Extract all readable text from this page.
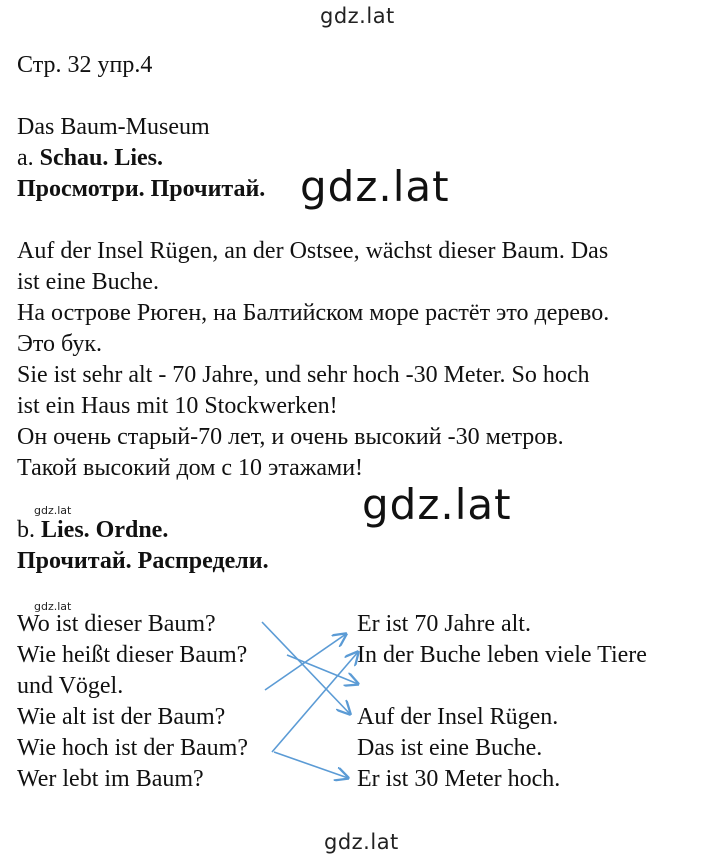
gdz.lat
gdz.lat
gdz.lat
gdz.lat
gdz.lat
gdz.lat
Стр. 32 упр.4
Das Baum-Museum
a. Schau. Lies.
Просмотри. Прочитай.
Auf der Insel Rügen, an der Ostsee, wächst dieser Baum. Das
ist eine Buche.
На острове Рюген, на Балтийском море растёт это дерево.
Это бук.
Sie ist sehr alt - 70 Jahre, und sehr hoch -30 Meter. So hoch
ist ein Haus mit 10 Stockwerken!
Он очень старый-70 лет, и очень высокий -30 метров.
Такой высокий дом с 10 этажами!
b. Lies. Ordne.
Прочитай. Распредели.
Wo ist dieser Baum?
Wie heißt dieser Baum?
und Vögel.
Wie alt ist der Baum?
Wie hoch ist der Baum?
Wer lebt im Baum?
Er ist 70 Jahre alt.
In der Buche leben viele Tiere
Auf der Insel Rügen.
Das ist eine Buche.
Er ist 30 Meter hoch.
